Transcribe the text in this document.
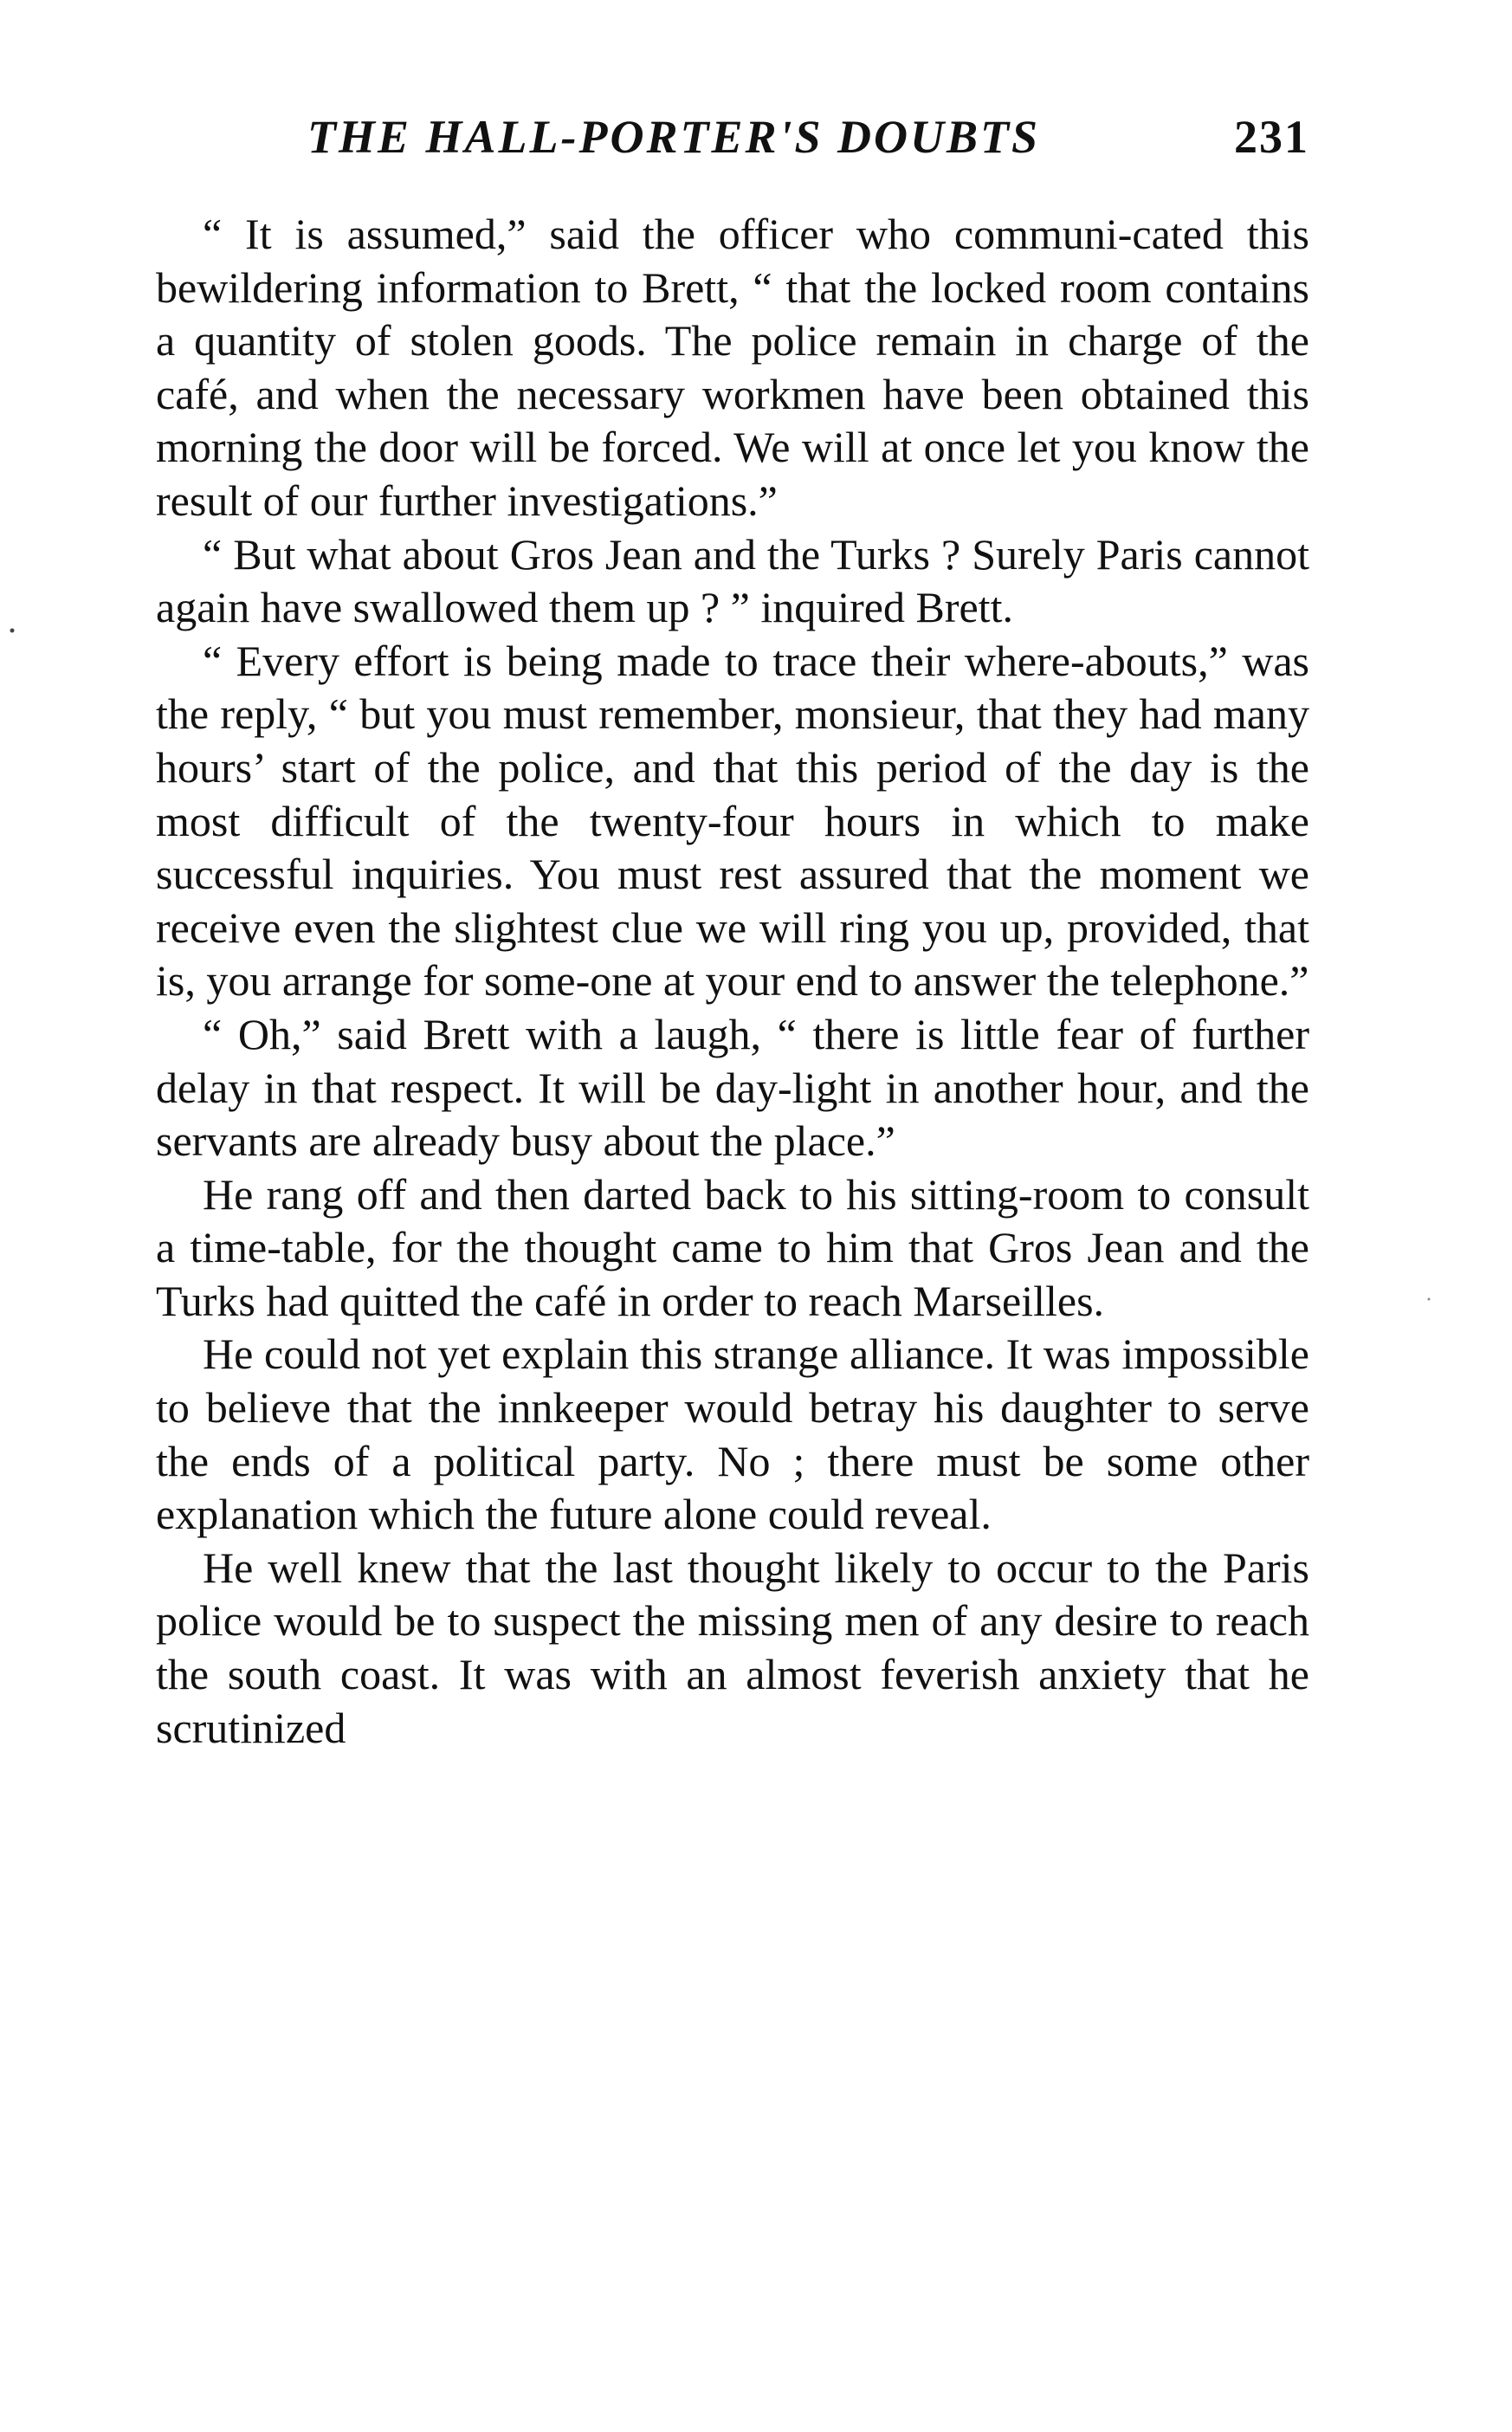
THE HALL-PORTER'S DOUBTS	231

“ It is assumed,” said the officer who communi-cated this bewildering information to Brett, “ that the locked room contains a quantity of stolen goods. The police remain in charge of the café, and when the necessary workmen have been obtained this morning the door will be forced. We will at once let you know the result of our further investigations.”

“ But what about Gros Jean and the Turks ? Surely Paris cannot again have swallowed them up ? ” inquired Brett.

“ Every effort is being made to trace their where-abouts,” was the reply, “ but you must remember, monsieur, that they had many hours’ start of the police, and that this period of the day is the most difficult of the twenty-four hours in which to make successful inquiries. You must rest assured that the moment we receive even the slightest clue we will ring you up, provided, that is, you arrange for some-one at your end to answer the telephone.”

“ Oh,” said Brett with a laugh, “ there is little fear of further delay in that respect. It will be day-light in another hour, and the servants are already busy about the place.”

He rang off and then darted back to his sitting-room to consult a time-table, for the thought came to him that Gros Jean and the Turks had quitted the café in order to reach Marseilles.

He could not yet explain this strange alliance. It was impossible to believe that the innkeeper would betray his daughter to serve the ends of a political party. No ; there must be some other explanation which the future alone could reveal.

He well knew that the last thought likely to occur to the Paris police would be to suspect the missing men of any desire to reach the south coast. It was with an almost feverish anxiety that he scrutinized
